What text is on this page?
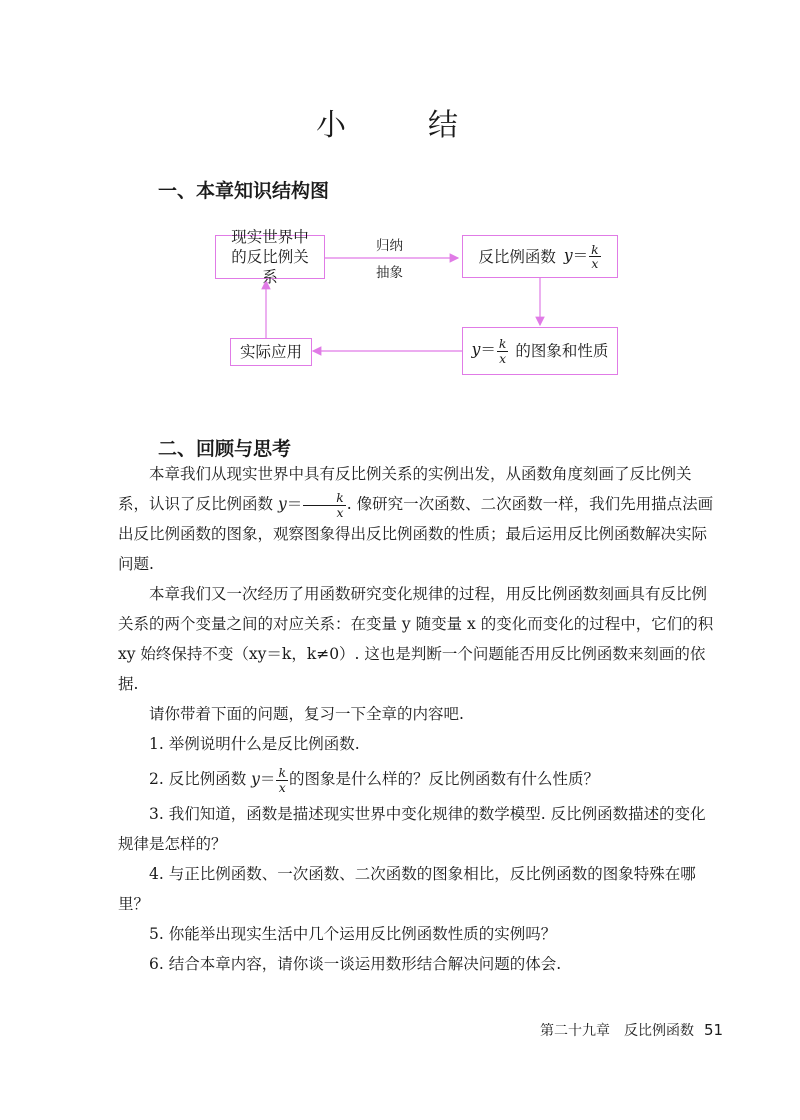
小　结
一、本章知识结构图
现实世界中的反比例关系
归纳
抽象
反比例函数 $y= \frac{k}{x}$
$y= \frac{k}{x}$ 的图象和性质
实际应用
二、回顾与思考

本章我们从现实世界中具有反比例关系的实例出发，从函数角度刻画了反比例关系，认识了反比例函数 $y= \frac{k}{x}$ . 像研究一次函数、二次函数一样，我们先用描点法画出反比例函数的图象，观察图象得出反比例函数的性质；最后运用反比例函数解决实际问题.

本章我们又一次经历了用函数研究变化规律的过程，用反比例函数刻画具有反比例关系的两个变量之间的对应关系：在变量 y 随变量 x 的变化而变化的过程中，它们的积 xy 始终保持不变（xy＝k，k≠0）. 这也是判断一个问题能否用反比例函数来刻画的依据.

请你带着下面的问题，复习一下全章的内容吧.

1. 举例说明什么是反比例函数.

2. 反比例函数 $y= \frac{k}{x}$ 的图象是什么样的？反比例函数有什么性质？

3. 我们知道，函数是描述现实世界中变化规律的数学模型. 反比例函数描述的变化规律是怎样的？

4. 与正比例函数、一次函数、二次函数的图象相比，反比例函数的图象特殊在哪里？

5. 你能举出现实生活中几个运用反比例函数性质的实例吗？

6. 结合本章内容，请你谈一谈运用数形结合解决问题的体会.

第二十九章　反比例函数 51
